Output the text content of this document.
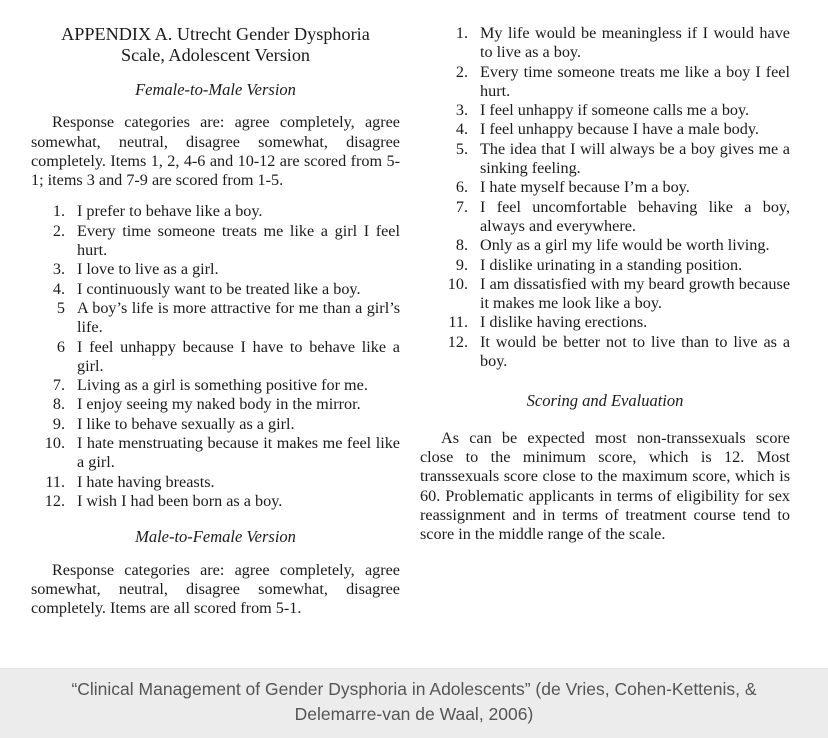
APPENDIX A. Utrecht Gender Dysphoria
Scale, Adolescent Version
Female-to-Male Version
Response categories are: agree completely, agree somewhat, neutral, disagree somewhat, disagree completely. Items 1, 2, 4-6 and 10-12 are scored from 5-1; items 3 and 7-9 are scored from 1-5.
1. I prefer to behave like a boy.
2. Every time someone treats me like a girl I feel hurt.
3. I love to live as a girl.
4. I continuously want to be treated like a boy.
5 A boy’s life is more attractive for me than a girl’s life.
6 I feel unhappy because I have to behave like a girl.
7. Living as a girl is something positive for me.
8. I enjoy seeing my naked body in the mirror.
9. I like to behave sexually as a girl.
10. I hate menstruating because it makes me feel like a girl.
11. I hate having breasts.
12. I wish I had been born as a boy.
Male-to-Female Version
Response categories are: agree completely, agree somewhat, neutral, disagree somewhat, disagree completely. Items are all scored from 5-1.
1. My life would be meaningless if I would have to live as a boy.
2. Every time someone treats me like a boy I feel hurt.
3. I feel unhappy if someone calls me a boy.
4. I feel unhappy because I have a male body.
5. The idea that I will always be a boy gives me a sinking feeling.
6. I hate myself because I’m a boy.
7. I feel uncomfortable behaving like a boy, always and everywhere.
8. Only as a girl my life would be worth living.
9. I dislike urinating in a standing position.
10. I am dissatisfied with my beard growth because it makes me look like a boy.
11. I dislike having erections.
12. It would be better not to live than to live as a boy.
Scoring and Evaluation
As can be expected most non-transsexuals score close to the minimum score, which is 12. Most transsexuals score close to the maximum score, which is 60. Problematic applicants in terms of eligibility for sex reassignment and in terms of treatment course tend to score in the middle range of the scale.
“Clinical Management of Gender Dysphoria in Adolescents” (de Vries, Cohen-Kettenis, & Delemarre-van de Waal, 2006)
